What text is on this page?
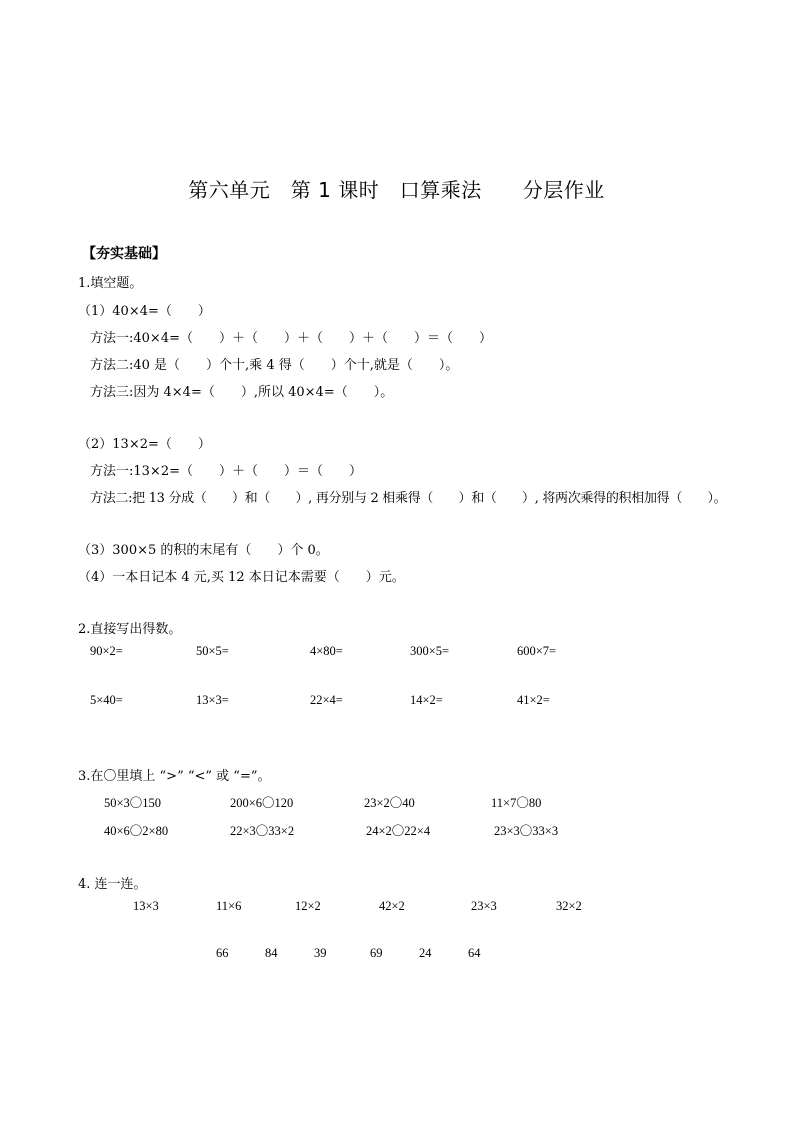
第六单元　第 1 课时　口算乘法　　分层作业
【夯实基础】
1.填空题。
（1）40×4=（　　）
方法一:40×4=（　　）＋（　　）＋（　　）＋（　　）＝（　　）
方法二:40 是（　　）个十,乘 4 得（　　）个十,就是（　　）。
方法三:因为 4×4=（　　）,所以 40×4=（　　）。
（2）13×2=（　　）
方法一:13×2=（　　）＋（　　）＝（　　）
方法二:把 13 分成（　　）和（　　）, 再分别与 2 相乘得（　　）和（　　）, 将两次乘得的积相加得（　　）。
（3）300×5 的积的末尾有（　　）个 0。
（4）一本日记本 4 元,买 12 本日记本需要（　　）元。
2.直接写出得数。
90×2=	50×5=	4×80=	300×5=	600×7=
5×40=	13×3=	22×4=	14×2=	41×2=
3.在〇里填上 “>” “<” 或 “=”。
50×3〇150	200×6〇120	23×2〇40	11×7〇80
40×6〇2×80	22×3〇33×2	24×2〇22×4	23×3〇33×3
4. 连一连。
13×3	11×6	12×2	42×2	23×3	32×2
66	84	39	69	24	64
